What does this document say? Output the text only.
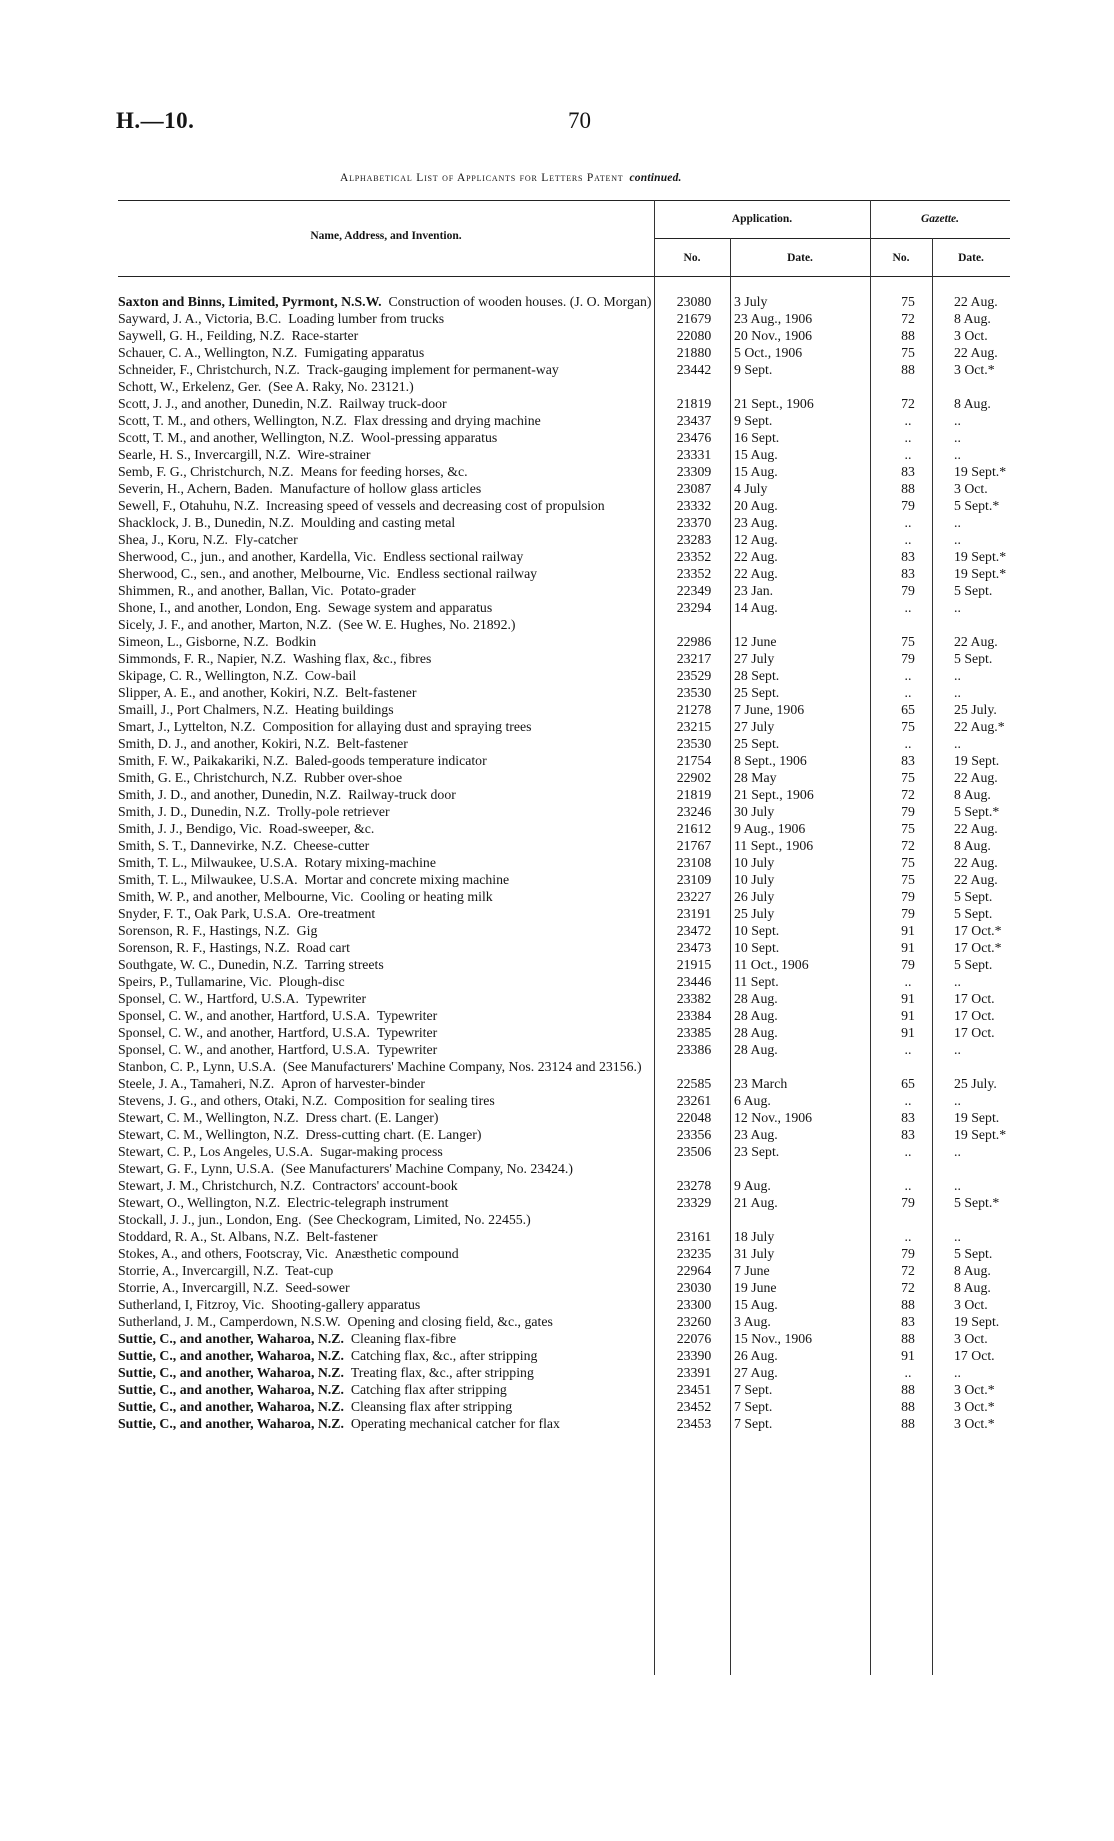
H.—10.	70
Alphabetical List of Applicants for Letters Patent continued.
Name, Address, and Invention.
Application.	Gazette.
No.	Date.	No.	Date.
Saxton and Binns, Limited, Pyrmont, N.S.W. Construction of wooden houses. (J. O. Morgan)	23080	3 July	75	22 Aug.
Sayward, J. A., Victoria, B.C. Loading lumber from trucks	21679	23 Aug., 1906	72	8 Aug.
Saywell, G. H., Feilding, N.Z. Race-starter	22080	20 Nov., 1906	88	3 Oct.
Schauer, C. A., Wellington, N.Z. Fumigating apparatus	21880	5 Oct., 1906	75	22 Aug.
Schneider, F., Christchurch, N.Z. Track-gauging implement for permanent-way	23442	9 Sept.	88	3 Oct.*
Schott, W., Erkelenz, Ger. (See A. Raky, No. 23121.)
Scott, J. J., and another, Dunedin, N.Z. Railway truck-door	21819	21 Sept., 1906	72	8 Aug.
Scott, T. M., and others, Wellington, N.Z. Flax dressing and drying machine	23437	9 Sept.	..	..
Scott, T. M., and another, Wellington, N.Z. Wool-pressing apparatus	23476	16 Sept.	..	..
Searle, H. S., Invercargill, N.Z. Wire-strainer	23331	15 Aug.	..	..
Semb, F. G., Christchurch, N.Z. Means for feeding horses, &c.	23309	15 Aug.	83	19 Sept.*
Severin, H., Achern, Baden. Manufacture of hollow glass articles	23087	4 July	88	3 Oct.
Sewell, F., Otahuhu, N.Z. Increasing speed of vessels and decreasing cost of propulsion	23332	20 Aug.	79	5 Sept.*
Shacklock, J. B., Dunedin, N.Z. Moulding and casting metal	23370	23 Aug.	..	..
Shea, J., Koru, N.Z. Fly-catcher	23283	12 Aug.	..	..
Sherwood, C., jun., and another, Kardella, Vic. Endless sectional railway	23352	22 Aug.	83	19 Sept.*
Sherwood, C., sen., and another, Melbourne, Vic. Endless sectional railway	23352	22 Aug.	83	19 Sept.*
Shimmen, R., and another, Ballan, Vic. Potato-grader	22349	23 Jan.	79	5 Sept.
Shone, I., and another, London, Eng. Sewage system and apparatus	23294	14 Aug.	..	..
Sicely, J. F., and another, Marton, N.Z. (See W. E. Hughes, No. 21892.)
Simeon, L., Gisborne, N.Z. Bodkin	22986	12 June	75	22 Aug.
Simmonds, F. R., Napier, N.Z. Washing flax, &c., fibres	23217	27 July	79	5 Sept.
Skipage, C. R., Wellington, N.Z. Cow-bail	23529	28 Sept.	..	..
Slipper, A. E., and another, Kokiri, N.Z. Belt-fastener	23530	25 Sept.	..	..
Smaill, J., Port Chalmers, N.Z. Heating buildings	21278	7 June, 1906	65	25 July.
Smart, J., Lyttelton, N.Z. Composition for allaying dust and spraying trees	23215	27 July	75	22 Aug.*
Smith, D. J., and another, Kokiri, N.Z. Belt-fastener	23530	25 Sept.	..	..
Smith, F. W., Paikakariki, N.Z. Baled-goods temperature indicator	21754	8 Sept., 1906	83	19 Sept.
Smith, G. E., Christchurch, N.Z. Rubber over-shoe	22902	28 May	75	22 Aug.
Smith, J. D., and another, Dunedin, N.Z. Railway-truck door	21819	21 Sept., 1906	72	8 Aug.
Smith, J. D., Dunedin, N.Z. Trolly-pole retriever	23246	30 July	79	5 Sept.*
Smith, J. J., Bendigo, Vic. Road-sweeper, &c.	21612	9 Aug., 1906	75	22 Aug.
Smith, S. T., Dannevirke, N.Z. Cheese-cutter	21767	11 Sept., 1906	72	8 Aug.
Smith, T. L., Milwaukee, U.S.A. Rotary mixing-machine	23108	10 July	75	22 Aug.
Smith, T. L., Milwaukee, U.S.A. Mortar and concrete mixing machine	23109	10 July	75	22 Aug.
Smith, W. P., and another, Melbourne, Vic. Cooling or heating milk	23227	26 July	79	5 Sept.
Snyder, F. T., Oak Park, U.S.A. Ore-treatment	23191	25 July	79	5 Sept.
Sorenson, R. F., Hastings, N.Z. Gig	23472	10 Sept.	91	17 Oct.*
Sorenson, R. F., Hastings, N.Z. Road cart	23473	10 Sept.	91	17 Oct.*
Southgate, W. C., Dunedin, N.Z. Tarring streets	21915	11 Oct., 1906	79	5 Sept.
Speirs, P., Tullamarine, Vic. Plough-disc	23446	11 Sept.	..	..
Sponsel, C. W., Hartford, U.S.A. Typewriter	23382	28 Aug.	91	17 Oct.
Sponsel, C. W., and another, Hartford, U.S.A. Typewriter	23384	28 Aug.	91	17 Oct.
Sponsel, C. W., and another, Hartford, U.S.A. Typewriter	23385	28 Aug.	91	17 Oct.
Sponsel, C. W., and another, Hartford, U.S.A. Typewriter	23386	28 Aug.	..	..
Stanbon, C. P., Lynn, U.S.A. (See Manufacturers' Machine Company, Nos. 23124 and 23156.)
Steele, J. A., Tamaheri, N.Z. Apron of harvester-binder	22585	23 March	65	25 July.
Stevens, J. G., and others, Otaki, N.Z. Composition for sealing tires	23261	6 Aug.	..	..
Stewart, C. M., Wellington, N.Z. Dress chart. (E. Langer)	22048	12 Nov., 1906	83	19 Sept.
Stewart, C. M., Wellington, N.Z. Dress-cutting chart. (E. Langer)	23356	23 Aug.	83	19 Sept.*
Stewart, C. P., Los Angeles, U.S.A. Sugar-making process	23506	23 Sept.	..	..
Stewart, G. F., Lynn, U.S.A. (See Manufacturers' Machine Company, No. 23424.)
Stewart, J. M., Christchurch, N.Z. Contractors' account-book	23278	9 Aug.	..	..
Stewart, O., Wellington, N.Z. Electric-telegraph instrument	23329	21 Aug.	79	5 Sept.*
Stockall, J. J., jun., London, Eng. (See Checkogram, Limited, No. 22455.)
Stoddard, R. A., St. Albans, N.Z. Belt-fastener	23161	18 July	..	..
Stokes, A., and others, Footscray, Vic. Anæsthetic compound	23235	31 July	79	5 Sept.
Storrie, A., Invercargill, N.Z. Teat-cup	22964	7 June	72	8 Aug.
Storrie, A., Invercargill, N.Z. Seed-sower	23030	19 June	72	8 Aug.
Sutherland, I, Fitzroy, Vic. Shooting-gallery apparatus	23300	15 Aug.	88	3 Oct.
Sutherland, J. M., Camperdown, N.S.W. Opening and closing field, &c., gates	23260	3 Aug.	83	19 Sept.
Suttie, C., and another, Waharoa, N.Z. Cleaning flax-fibre	22076	15 Nov., 1906	88	3 Oct.
Suttie, C., and another, Waharoa, N.Z. Catching flax, &c., after stripping	23390	26 Aug.	91	17 Oct.
Suttie, C., and another, Waharoa, N.Z. Treating flax, &c., after stripping	23391	27 Aug.	..	..
Suttie, C., and another, Waharoa, N.Z. Catching flax after stripping	23451	7 Sept.	88	3 Oct.*
Suttie, C., and another, Waharoa, N.Z. Cleansing flax after stripping	23452	7 Sept.	88	3 Oct.*
Suttie, C., and another, Waharoa, N.Z. Operating mechanical catcher for flax	23453	7 Sept.	88	3 Oct.*
